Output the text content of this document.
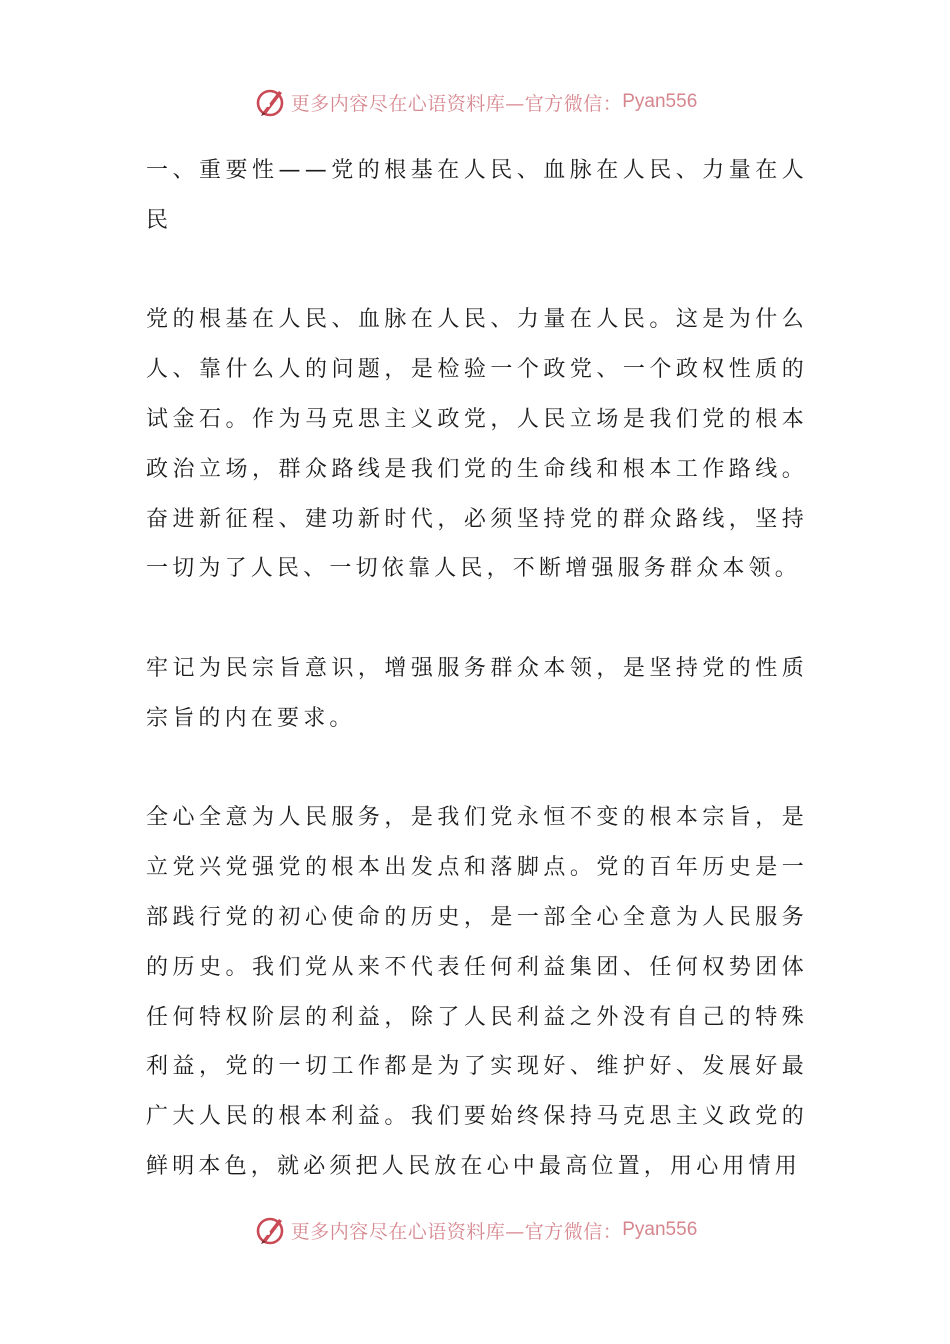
更多内容尽在心语资料库—官方微信： Pyan556

一、重要性——党的根基在人民、血脉在人民、力量在人民

党的根基在人民、血脉在人民、力量在人民。这是为什么人、靠什么人的问题，是检验一个政党、一个政权性质的试金石。作为马克思主义政党，人民立场是我们党的根本政治立场，群众路线是我们党的生命线和根本工作路线。奋进新征程、建功新时代，必须坚持党的群众路线，坚持一切为了人民、一切依靠人民，不断增强服务群众本领。

牢记为民宗旨意识，增强服务群众本领，是坚持党的性质宗旨的内在要求。

全心全意为人民服务，是我们党永恒不变的根本宗旨，是立党兴党强党的根本出发点和落脚点。党的百年历史是一部践行党的初心使命的历史，是一部全心全意为人民服务的历史。我们党从来不代表任何利益集团、任何权势团体任何特权阶层的利益，除了人民利益之外没有自己的特殊利益，党的一切工作都是为了实现好、维护好、发展好最广大人民的根本利益。我们要始终保持马克思主义政党的鲜明本色，就必须把人民放在心中最高位置，用心用情用

更多内容尽在心语资料库—官方微信： Pyan556
